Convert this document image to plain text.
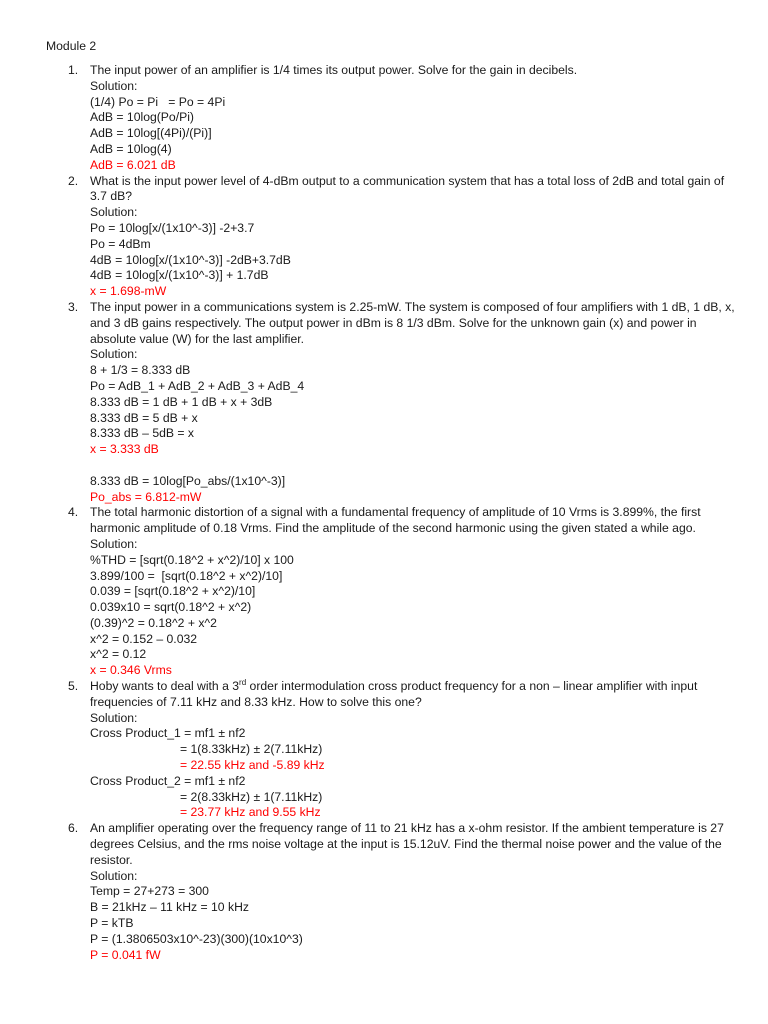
Module 2
1. The input power of an amplifier is 1/4 times its output power. Solve for the gain in decibels.
Solution:
(1/4) Po = Pi   = Po = 4Pi
AdB = 10log(Po/Pi)
AdB = 10log[(4Pi)/(Pi)]
AdB = 10log(4)
AdB = 6.021 dB
2. What is the input power level of 4-dBm output to a communication system that has a total loss of 2dB and total gain of 3.7 dB?
Solution:
Po = 10log[x/(1x10^-3)] -2+3.7
Po = 4dBm
4dB = 10log[x/(1x10^-3)] -2dB+3.7dB
4dB = 10log[x/(1x10^-3)] + 1.7dB
x = 1.698-mW
3. The input power in a communications system is 2.25-mW. The system is composed of four amplifiers with 1 dB, 1 dB, x, and 3 dB gains respectively. The output power in dBm is 8 1/3 dBm. Solve for the unknown gain (x) and power in absolute value (W) for the last amplifier.
Solution:
8 + 1/3 = 8.333 dB
Po = AdB_1 + AdB_2 + AdB_3 + AdB_4
8.333 dB = 1 dB + 1 dB + x + 3dB
8.333 dB = 5 dB + x
8.333 dB – 5dB = x
x = 3.333 dB
8.333 dB = 10log[Po_abs/(1x10^-3)]
Po_abs = 6.812-mW
4. The total harmonic distortion of a signal with a fundamental frequency of amplitude of 10 Vrms is 3.899%, the first harmonic amplitude of 0.18 Vrms. Find the amplitude of the second harmonic using the given stated a while ago.
Solution:
%THD = [sqrt(0.18^2 + x^2)/10] x 100
3.899/100 =  [sqrt(0.18^2 + x^2)/10]
0.039 = [sqrt(0.18^2 + x^2)/10]
0.039x10 = sqrt(0.18^2 + x^2)
(0.39)^2 = 0.18^2 + x^2
x^2 = 0.152 – 0.032
x^2 = 0.12
x = 0.346 Vrms
5. Hoby wants to deal with a 3rd order intermodulation cross product frequency for a non – linear amplifier with input frequencies of 7.11 kHz and 8.33 kHz. How to solve this one?
Solution:
Cross Product_1 = mf1 ± nf2
= 1(8.33kHz) ± 2(7.11kHz)
= 22.55 kHz and -5.89 kHz
Cross Product_2 = mf1 ± nf2
= 2(8.33kHz) ± 1(7.11kHz)
= 23.77 kHz and 9.55 kHz
6. An amplifier operating over the frequency range of 11 to 21 kHz has a x-ohm resistor. If the ambient temperature is 27 degrees Celsius, and the rms noise voltage at the input is 15.12uV. Find the thermal noise power and the value of the resistor.
Solution:
Temp = 27+273 = 300
B = 21kHz – 11 kHz = 10 kHz
P = kTB
P = (1.3806503x10^-23)(300)(10x10^3)
P = 0.041 fW
